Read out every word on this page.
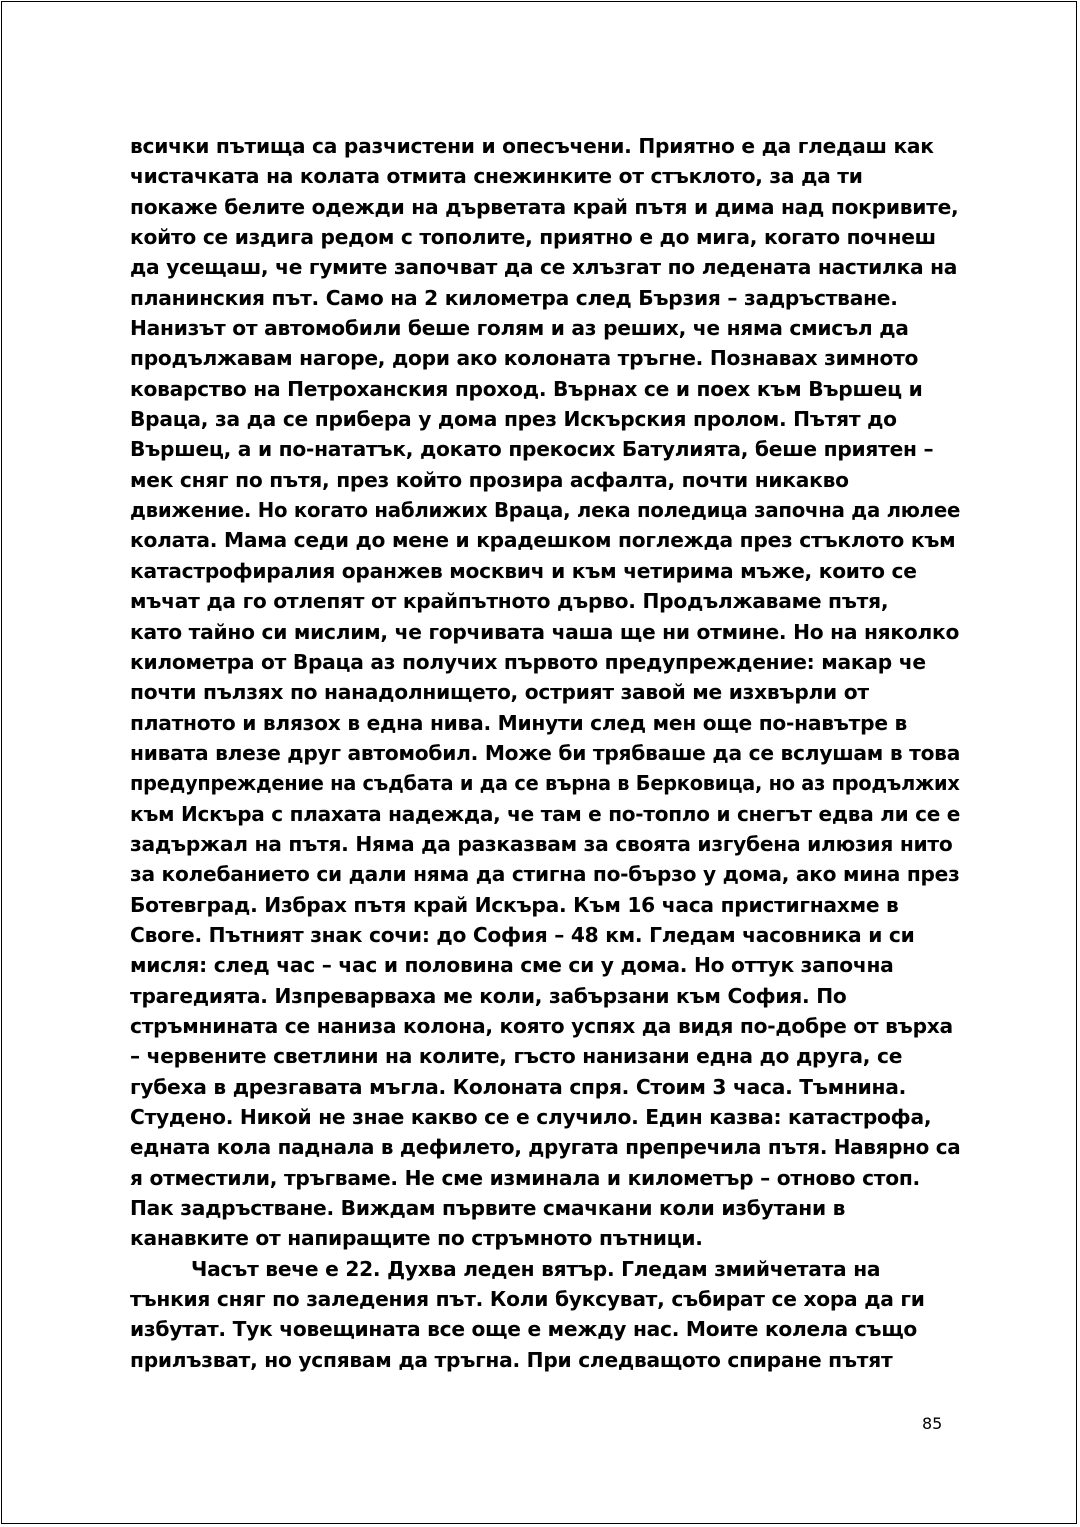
всички пътища са разчистени и опесъчени. Приятно е да гледаш как
чистачката на колата отмита снежинките от стъклото, за да ти
покаже белите одежди на дърветата край пътя и дима над покривите,
който се издига редом с тополите, приятно е до мига, когато почнеш
да усещаш, че гумите започват да се хлъзгат по ледената настилка на
планинския път. Само на 2 километра след Бързия – задръстване.
Нанизът от автомобили беше голям и аз реших, че няма смисъл да
продължавам нагоре, дори ако колоната тръгне. Познавах зимното
коварство на Петроханския проход. Върнах се и поех към Вършец и
Враца, за да се прибера у дома през Искърския пролом. Пътят до
Вършец, а и по-нататък, докато прекосих Батулията, беше приятен –
мек сняг по пътя, през който прозира асфалта, почти никакво
движение. Но когато наближих Враца, лека поледица започна да люлее
колата. Мама седи до мене и крадешком поглежда през стъклото към
катастрофиралия оранжев москвич и към четирима мъже, които се
мъчат да го отлепят от крайпътното дърво. Продължаваме пътя,
като тайно си мислим, че горчивата чаша ще ни отмине. Но на няколко
километра от Враца аз получих първото предупреждение: макар че
почти пълзях по нанадолнището, острият завой ме изхвърли от
платното и влязох в една нива. Минути след мен още по-навътре в
нивата влезе друг автомобил. Може би трябваше да се вслушам в това
предупреждение на съдбата и да се върна в Берковица, но аз продължих
към Искъра с плахата надежда, че там е по-топло и снегът едва ли се е
задържал на пътя. Няма да разказвам за своята изгубена илюзия нито
за колебанието си дали няма да стигна по-бързо у дома, ако мина през
Ботевград. Избрах пътя край Искъра. Към 16 часа пристигнахме в
Своге. Пътният знак сочи: до София – 48 км. Гледам часовника и си
мисля: след час – час и половина сме си у дома. Но оттук започна
трагедията. Изпреварваха ме коли, забързани към София. По
стръмнината се наниза колона, която успях да видя по-добре от върха
– червените светлини на колите, гъсто нанизани една до друга, се
губеха в дрезгавата мъгла. Колоната спря. Стоим 3 часа. Тъмнина.
Студено. Никой не знае какво се е случило. Един казва: катастрофа,
едната кола паднала в дефилето, другата препречила пътя. Навярно са
я отместили, тръгваме. Не сме изминала и километър – отново стоп.
Пак задръстване. Виждам първите смачкани коли избутани в
канавките от напиращите по стръмното пътници.
Часът вече е 22. Духва леден вятър. Гледам змийчетата на
тънкия сняг по заледения път. Коли буксуват, събират се хора да ги
избутат. Тук човещината все още е между нас. Моите колела също
прилъзват, но успявам да тръгна. При следващото спиране пътят
85
